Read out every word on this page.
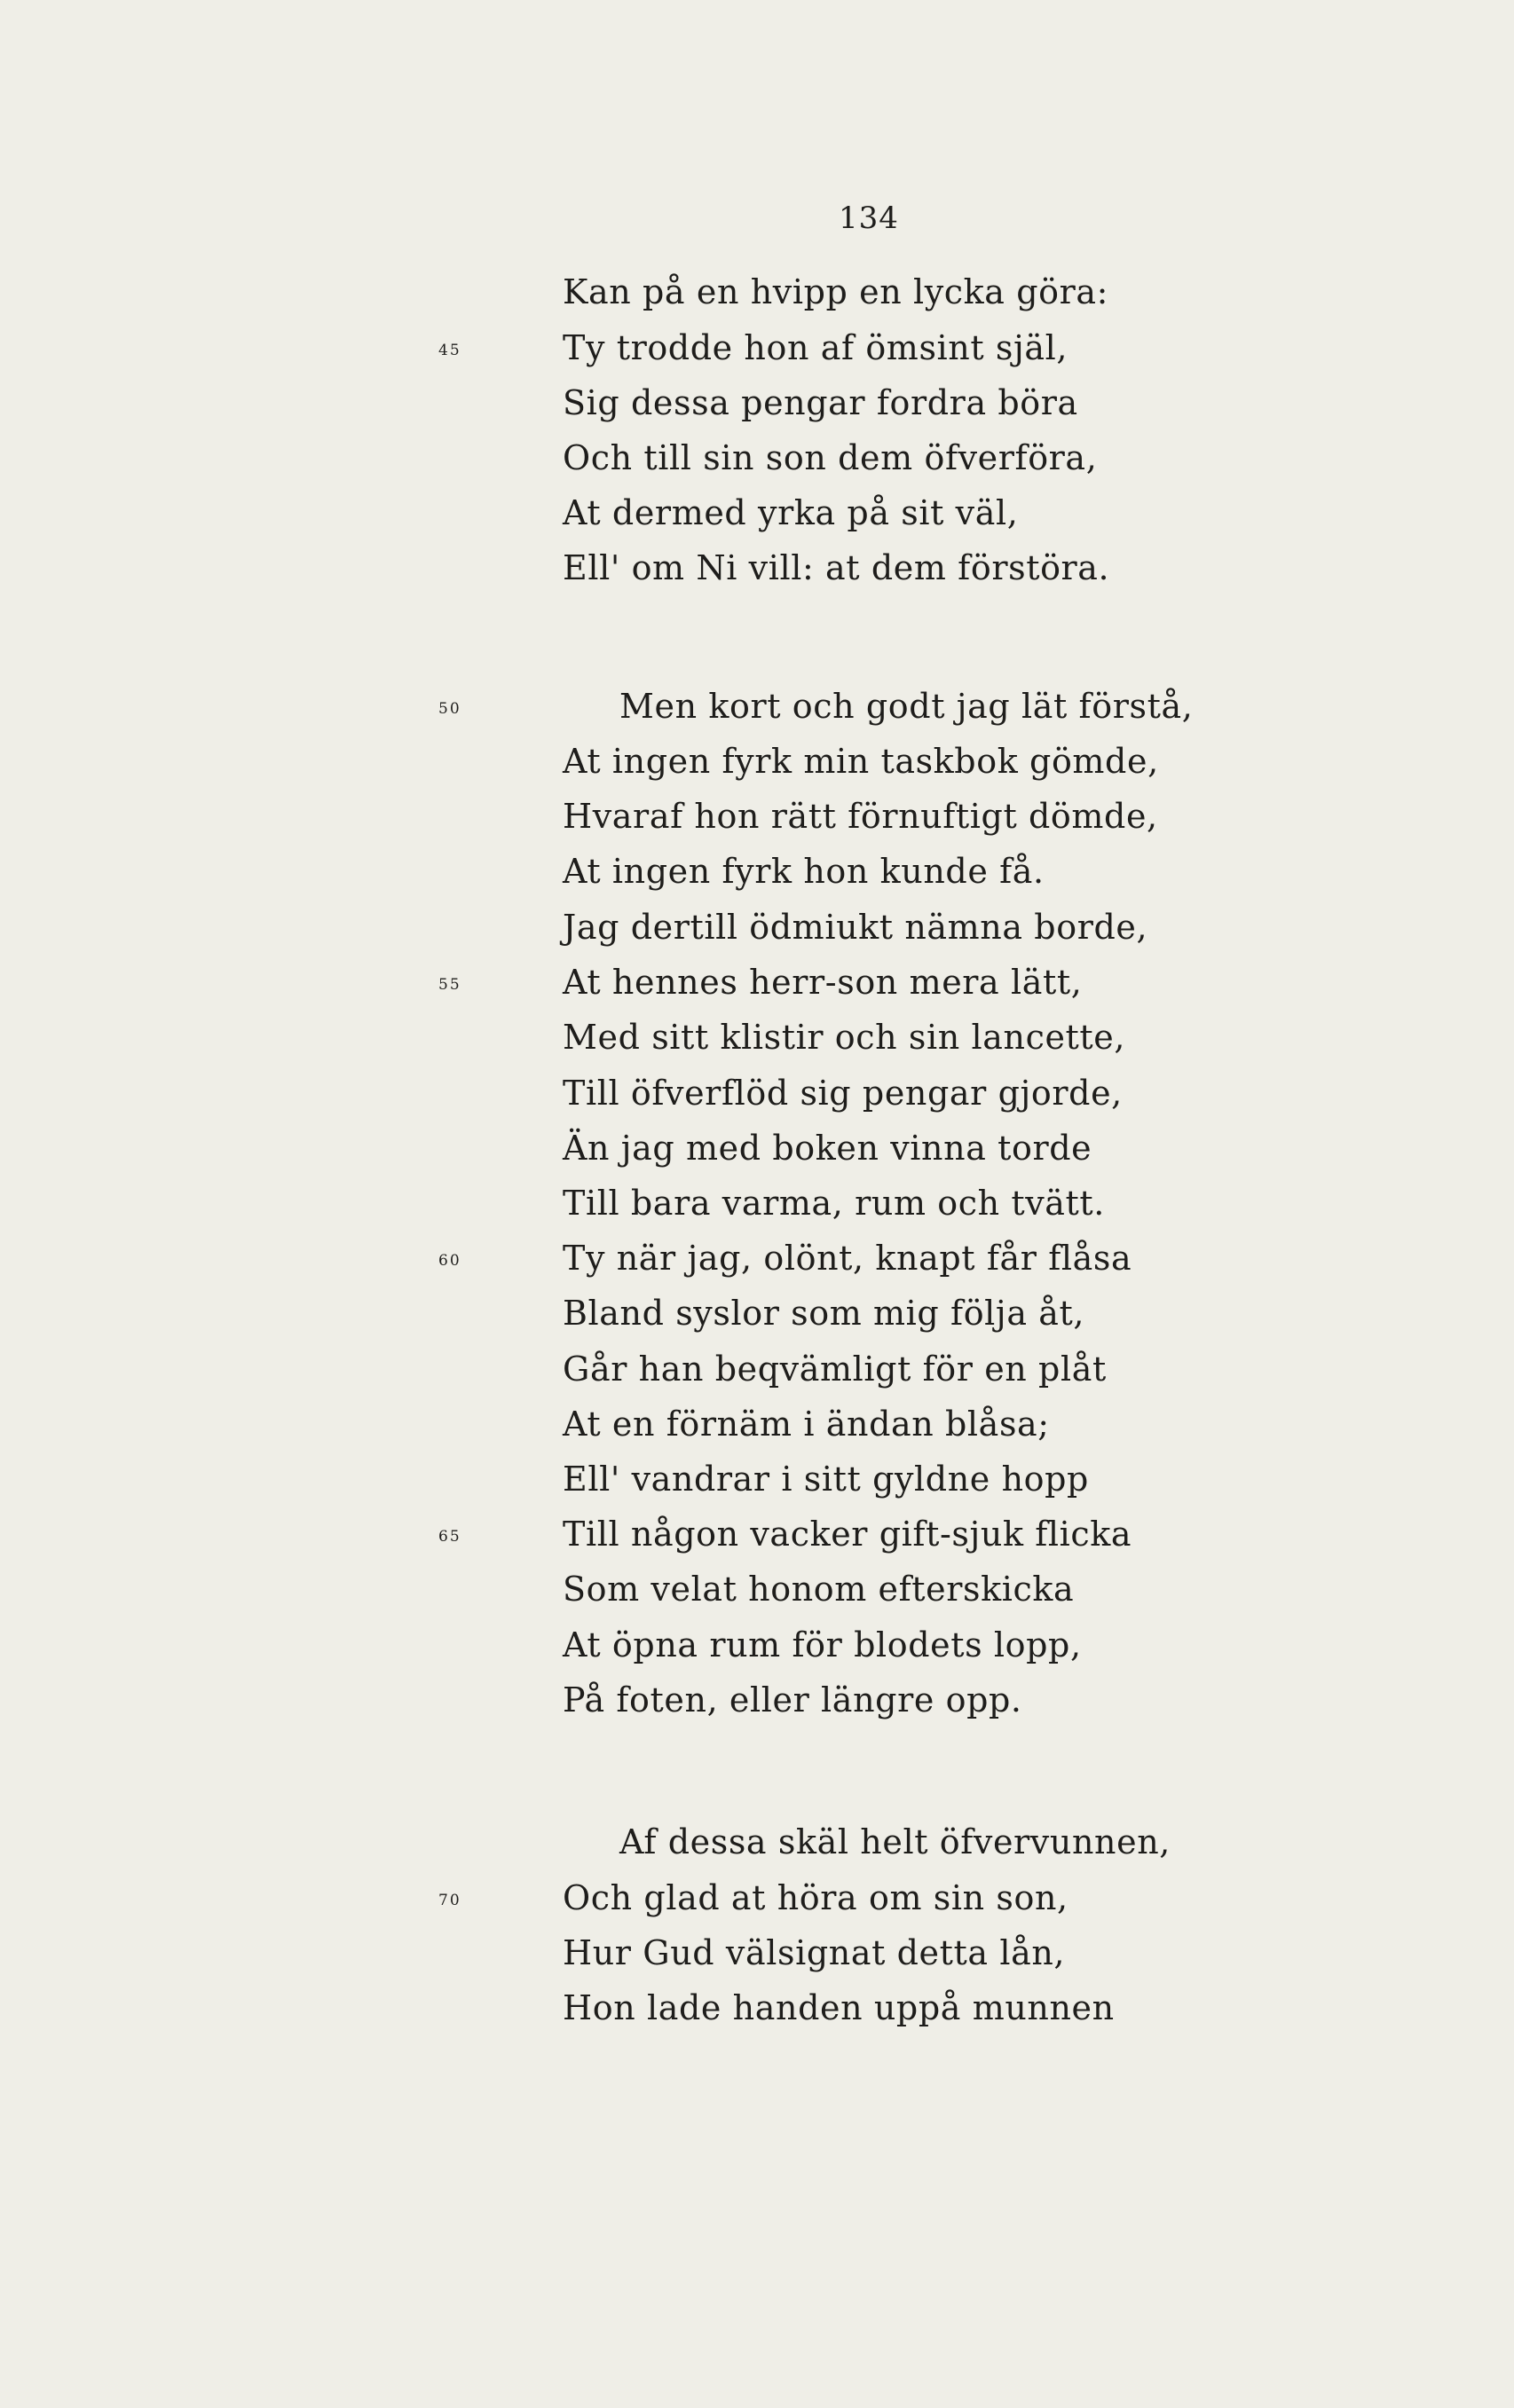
134
Kan på en hvipp en lycka göra:
Ty trodde hon af ömsint själ,
Sig dessa pengar fordra böra
Och till sin son dem öfverföra,
At dermed yrka på sit väl,
Ell' om Ni vill: at dem förstöra.
Men kort och godt jag lät förstå,
At ingen fyrk min taskbok gömde,
Hvaraf hon rätt förnuftigt dömde,
At ingen fyrk hon kunde få.
Jag dertill ödmiukt nämna borde,
At hennes herr-son mera lätt,
Med sitt klistir och sin lancette,
Till öfverflöd sig pengar gjorde,
Än jag med boken vinna torde
Till bara varma, rum och tvätt.
Ty när jag, olönt, knapt får flåsa
Bland syslor som mig följa åt,
Går han beqvämligt för en plåt
At en förnäm i ändan blåsa;
Ell' vandrar i sitt gyldne hopp
Till någon vacker gift-sjuk flicka
Som velat honom efterskicka
At öpna rum för blodets lopp,
På foten, eller längre opp.
Af dessa skäl helt öfvervunnen,
Och glad at höra om sin son,
Hur Gud välsignat detta lån,
Hon lade handen uppå munnen
45
50
55
60
65
70
